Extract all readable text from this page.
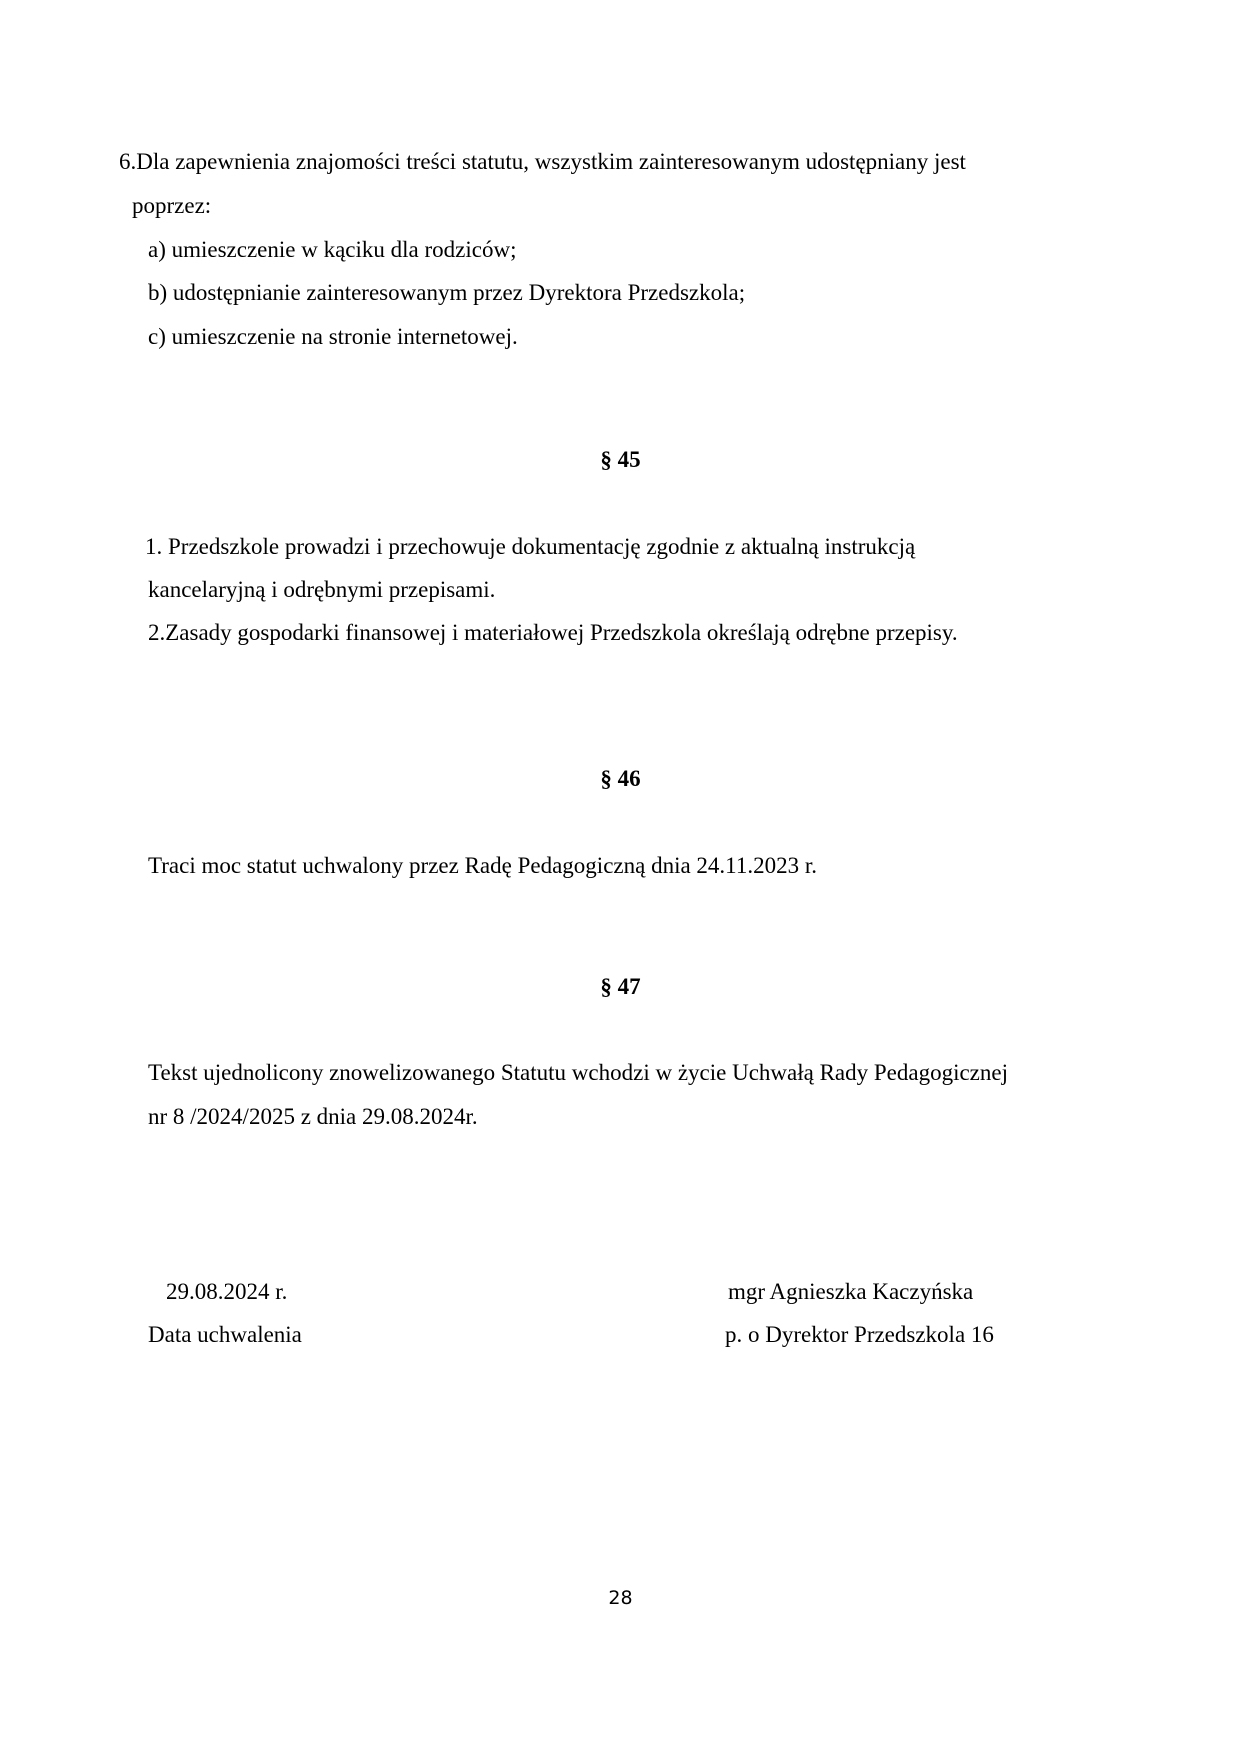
6.Dla zapewnienia znajomości treści statutu, wszystkim zainteresowanym udostępniany jest
poprzez:
a) umieszczenie w kąciku dla rodziców;
b) udostępnianie zainteresowanym przez Dyrektora Przedszkola;
c) umieszczenie na stronie internetowej.
§ 45
1. Przedszkole prowadzi i przechowuje dokumentację zgodnie z aktualną instrukcją
kancelaryjną i odrębnymi przepisami.
2.Zasady gospodarki finansowej i materiałowej Przedszkola określają odrębne przepisy.
§ 46
Traci moc statut uchwalony przez Radę Pedagogiczną dnia 24.11.2023 r.
§ 47
Tekst ujednolicony znowelizowanego Statutu wchodzi w życie Uchwałą Rady Pedagogicznej
nr 8 /2024/2025 z dnia 29.08.2024r.
29.08.2024 r.
Data uchwalenia
mgr Agnieszka Kaczyńska
p. o Dyrektor Przedszkola 16
28
